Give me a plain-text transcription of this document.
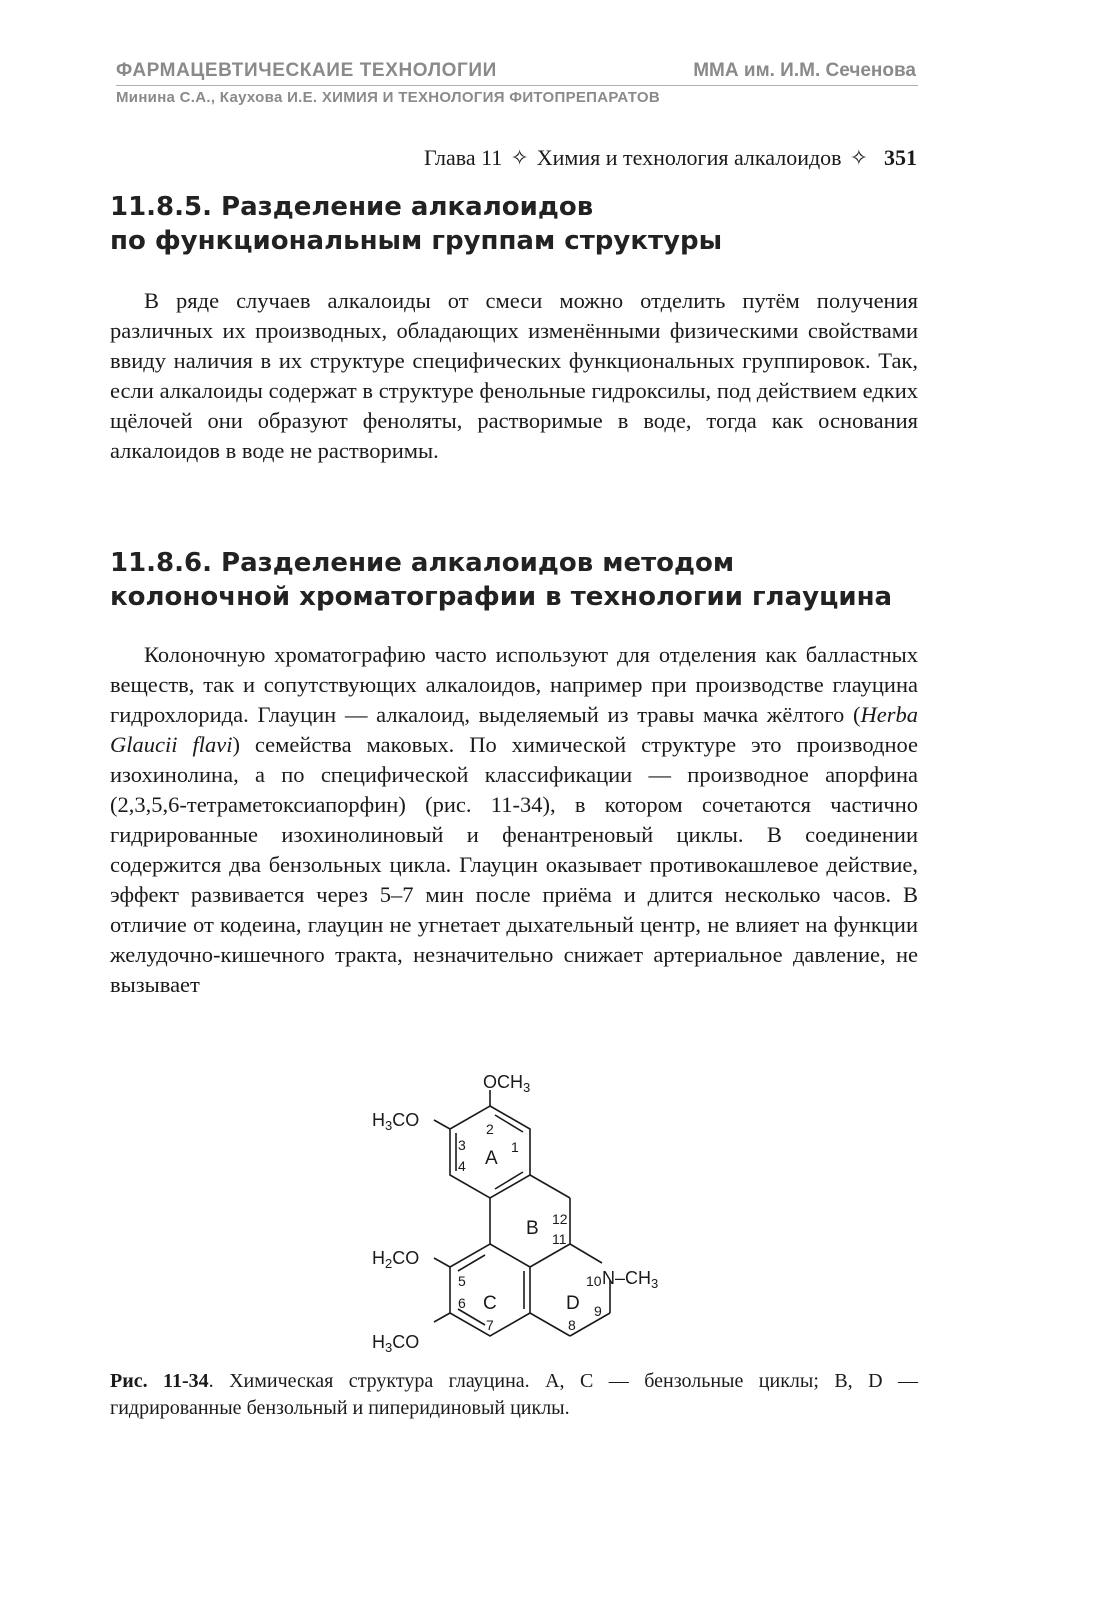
ФАРМАЦЕВТИЧЕСКАИЕ ТЕХНОЛОГИИ	ММА им. И.М. Сеченова
Минина С.А., Каухова И.Е. ХИМИЯ И ТЕХНОЛОГИЯ ФИТОПРЕПАРАТОВ
Глава 11 ✧ Химия и технология алкалоидов ✧ 351
11.8.5. Разделение алкалоидов
по функциональным группам структуры

В ряде случаев алкалоиды от смеси можно отделить путём получения различных их производных, обладающих изменёнными физическими свойствами ввиду наличия в их структуре специфических функциональных группировок. Так, если алкалоиды содержат в структуре фенольные гидроксилы, под действием едких щёлочей они образуют феноляты, растворимые в воде, тогда как основания алкалоидов в воде не растворимы.

11.8.6. Разделение алкалоидов методом
колоночной хроматографии в технологии глауцина

Колоночную хроматографию часто используют для отделения как балластных веществ, так и сопутствующих алкалоидов, например при производстве глауцина гидрохлорида. Глауцин — алкалоид, выделяемый из травы мачка жёлтого (Herba Glaucii flavi) семейства маковых. По химической структуре это производное изохинолина, а по специфической классификации — производное апорфина (2,3,5,6-тетраметоксиапорфин) (рис. 11-34), в котором сочетаются частично гидрированные изохинолиновый и фенантреновый циклы. В соединении содержится два бензольных цикла. Глауцин оказывает противокашлевое действие, эффект развивается через 5–7 мин после приёма и длится несколько часов. В отличие от кодеина, глауцин не угнетает дыхательный центр, не влияет на функции желудочно-кишечного тракта, незначительно снижает артериальное давление, не вызывает

$OCH_3$
$H_3CO$
$H_2CO$
$H_3CO$
$N-CH_3$
A
B
C	D
1
2
3
4
5
6
7	8
9
10
11
12
Рис. 11-34. Химическая структура глауцина. А, С — бензольные циклы; В, D — гидрированные бензольный и пиперидиновый циклы.
